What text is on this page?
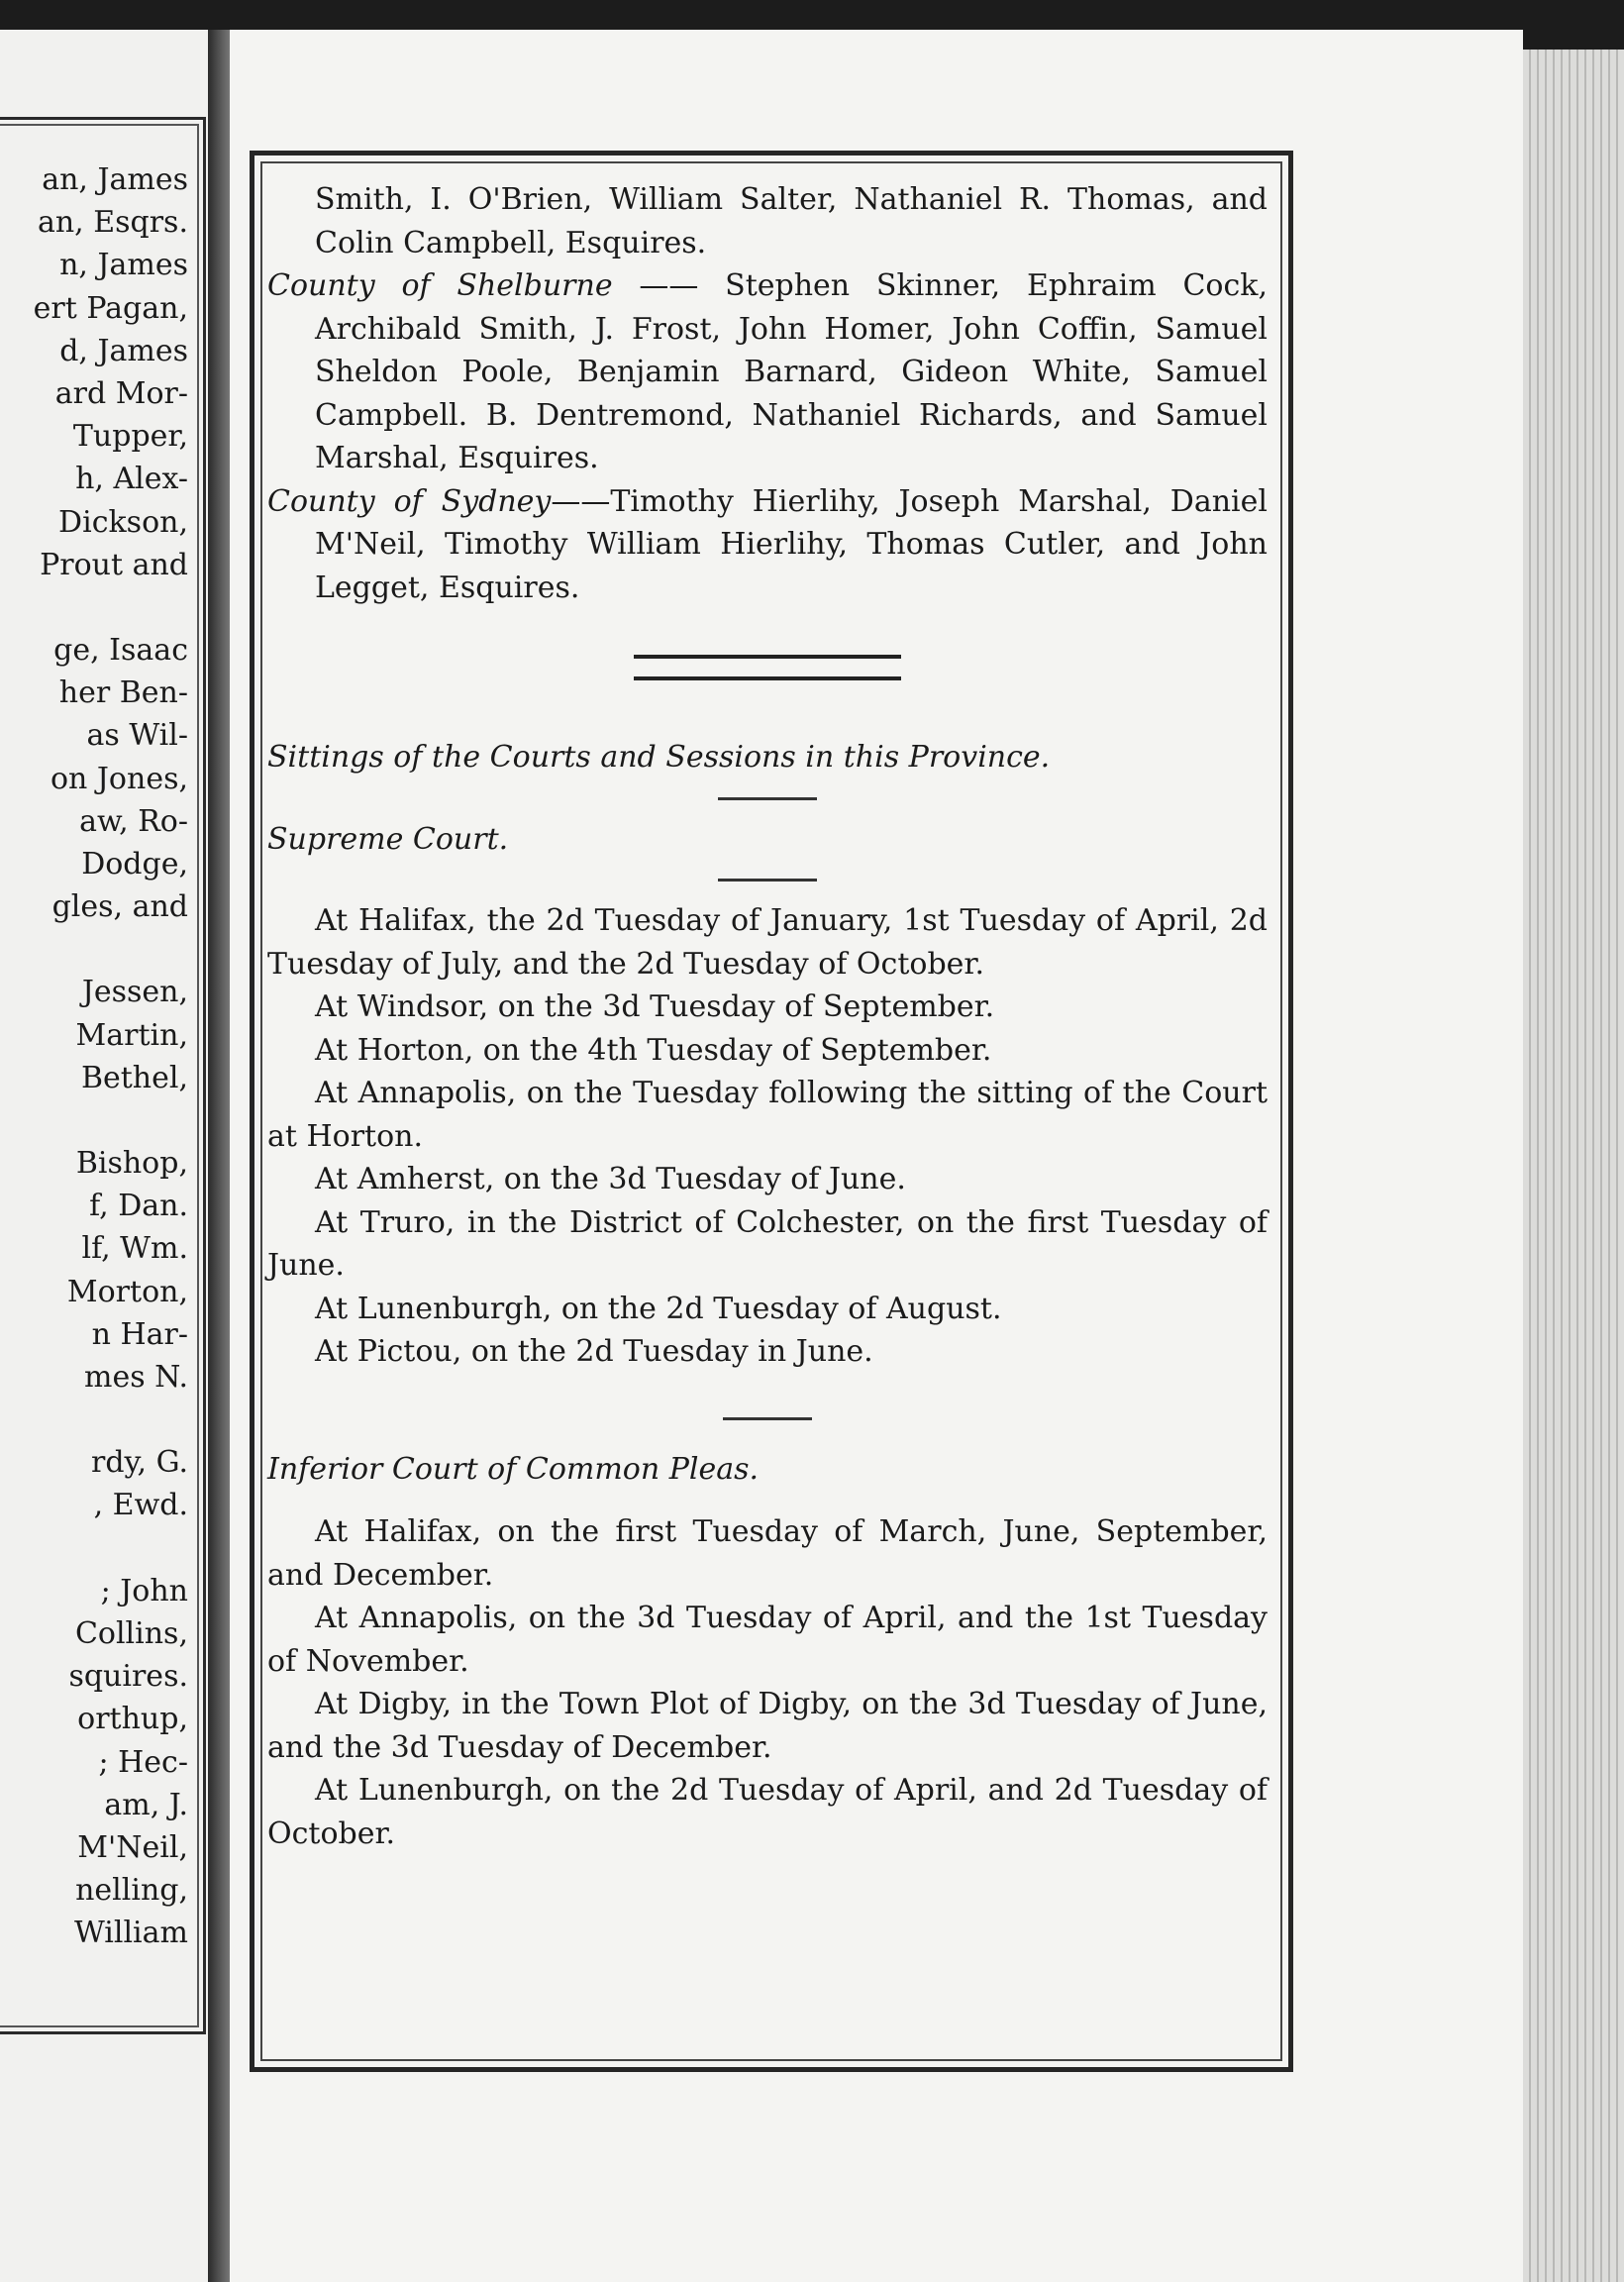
an, James
an, Esqrs.
n, James
ert Pagan,
d, James
ard Mor-
Tupper,
h, Alex-
Dickson,
Prout and
ge, Isaac
her Ben-
as Wil-
on Jones,
aw, Ro-
Dodge,
gles, and
Jessen,
Martin,
Bethel,
Bishop,
f, Dan.
lf, Wm.
Morton,
n Har-
mes N.
rdy, G.
, Ewd.
; John
Collins,
squires.
orthup,
; Hec-
am, J.
M'Neil,
nelling,
William

Smith, I. O'Brien, William Salter, Nathaniel R. Thomas, and Colin Campbell, Esquires.

County of Shelburne —— Stephen Skinner, Ephraim Cock, Archibald Smith, J. Frost, John Homer, John Coffin, Samuel Sheldon Poole, Benjamin Barnard, Gideon White, Samuel Campbell. B. Dentremond, Nathaniel Richards, and Samuel Marshal, Esquires.

County of Sydney——Timothy Hierlihy, Joseph Marshal, Daniel M'Neil, Timothy William Hierlihy, Thomas Cutler, and John Legget, Esquires.

Sittings of the Courts and Sessions in this Province.

Supreme Court.

At Halifax, the 2d Tuesday of January, 1st Tuesday of April, 2d Tuesday of July, and the 2d Tuesday of October.

At Windsor, on the 3d Tuesday of September.

At Horton, on the 4th Tuesday of September.

At Annapolis, on the Tuesday following the sitting of the Court at Horton.

At Amherst, on the 3d Tuesday of June.

At Truro, in the District of Colchester, on the first Tuesday of June.

At Lunenburgh, on the 2d Tuesday of August.

At Pictou, on the 2d Tuesday in June.

Inferior Court of Common Pleas.

At Halifax, on the first Tuesday of March, June, September, and December.

At Annapolis, on the 3d Tuesday of April, and the 1st Tuesday of November.

At Digby, in the Town Plot of Digby, on the 3d Tuesday of June, and the 3d Tuesday of December.

At Lunenburgh, on the 2d Tuesday of April, and 2d Tuesday of October.
